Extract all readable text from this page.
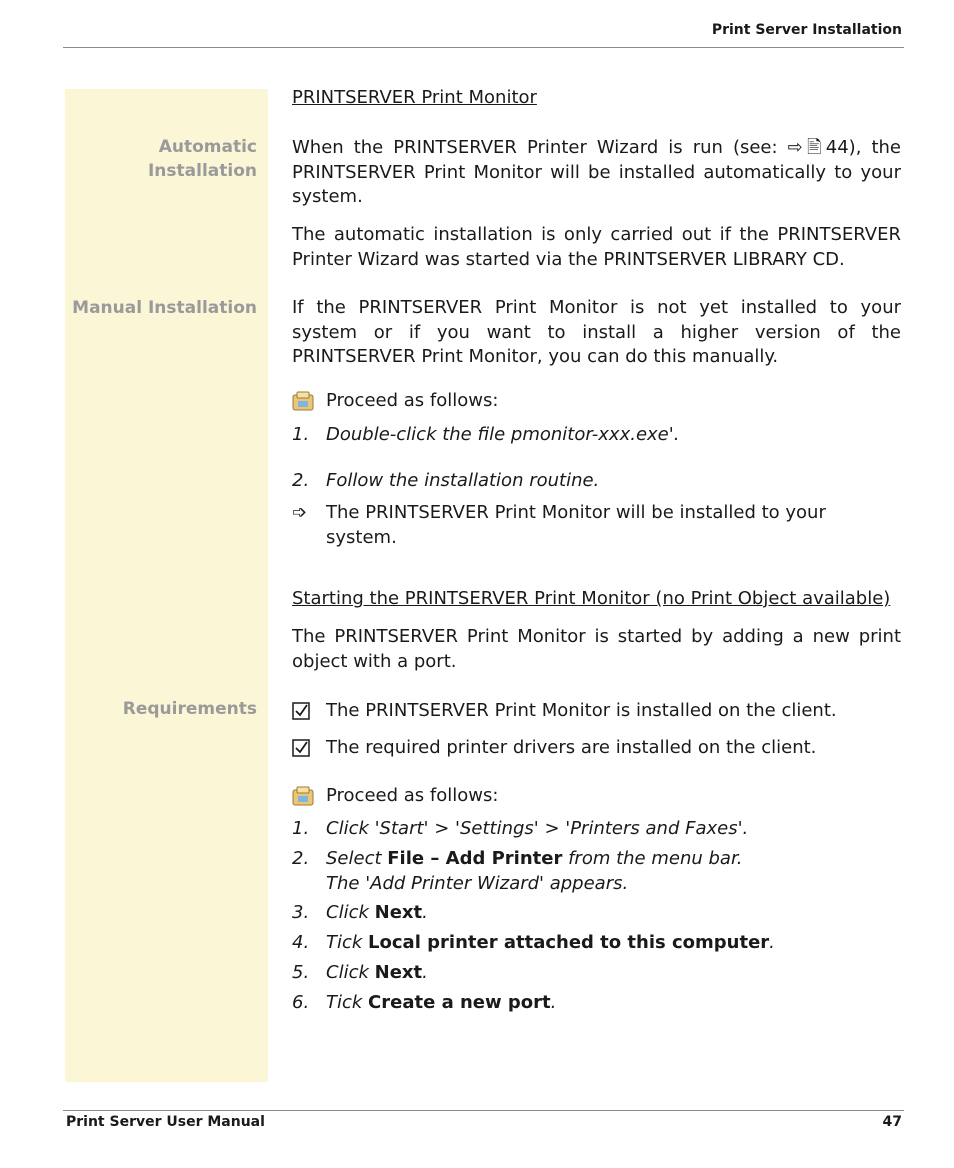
Print Server Installation
Automatic
Installation
Manual Installation
Requirements
PRINTSERVER Print Monitor
When the PRINTSERVER Printer Wizard is run (see: ⇨🖹44), the PRINTSERVER Print Monitor will be installed automatically to your system.
The automatic installation is only carried out if the PRINTSERVER Printer Wizard was started via the PRINTSERVER LIBRARY CD.
If the PRINTSERVER Print Monitor is not yet installed to your system or if you want to install a higher version of the PRINTSERVER Print Monitor, you can do this manually.
Proceed as follows:
1. Double-click the file pmonitor-xxx.exe'.
2. Follow the installation routine.
➩ The PRINTSERVER Print Monitor will be installed to your system.
Starting the PRINTSERVER Print Monitor (no Print Object available)
The PRINTSERVER Print Monitor is started by adding a new print object with a port.
The PRINTSERVER Print Monitor is installed on the client.
The required printer drivers are installed on the client.
Proceed as follows:
1. Click 'Start' > 'Settings' > 'Printers and Faxes'.
2. Select File – Add Printer from the menu bar.
The 'Add Printer Wizard' appears.
3. Click Next.
4. Tick Local printer attached to this computer.
5. Click Next.
6. Tick Create a new port.
Print Server User Manual	47
